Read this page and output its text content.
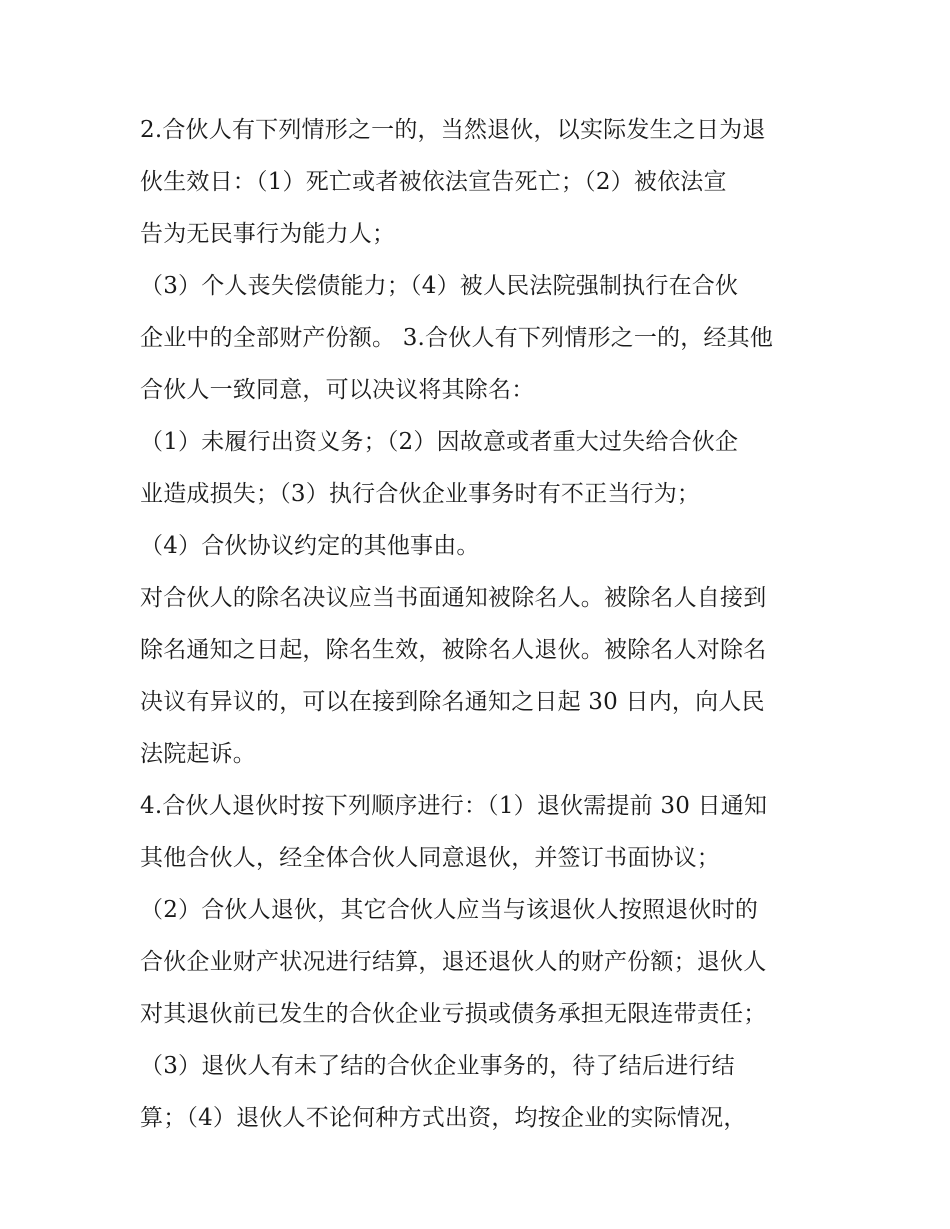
2.合伙人有下列情形之一的，当然退伙，以实际发生之日为退
伙生效日：（1）死亡或者被依法宣告死亡；（2）被依法宣
告为无民事行为能力人；
（3）个人丧失偿债能力；（4）被人民法院强制执行在合伙
企业中的全部财产份额。 3.合伙人有下列情形之一的，经其他
合伙人一致同意，可以决议将其除名：
（1）未履行出资义务；（2）因故意或者重大过失给合伙企
业造成损失；（3）执行合伙企业事务时有不正当行为；
（4）合伙协议约定的其他事由。
对合伙人的除名决议应当书面通知被除名人。被除名人自接到
除名通知之日起，除名生效，被除名人退伙。被除名人对除名
决议有异议的，可以在接到除名通知之日起 30 日内，向人民
法院起诉。
4.合伙人退伙时按下列顺序进行：（1）退伙需提前 30 日通知
其他合伙人，经全体合伙人同意退伙，并签订书面协议；
（2）合伙人退伙，其它合伙人应当与该退伙人按照退伙时的
合伙企业财产状况进行结算，退还退伙人的财产份额；退伙人
对其退伙前已发生的合伙企业亏损或债务承担无限连带责任；
（3）退伙人有未了结的合伙企业事务的，待了结后进行结
算；（4）退伙人不论何种方式出资，均按企业的实际情况，
